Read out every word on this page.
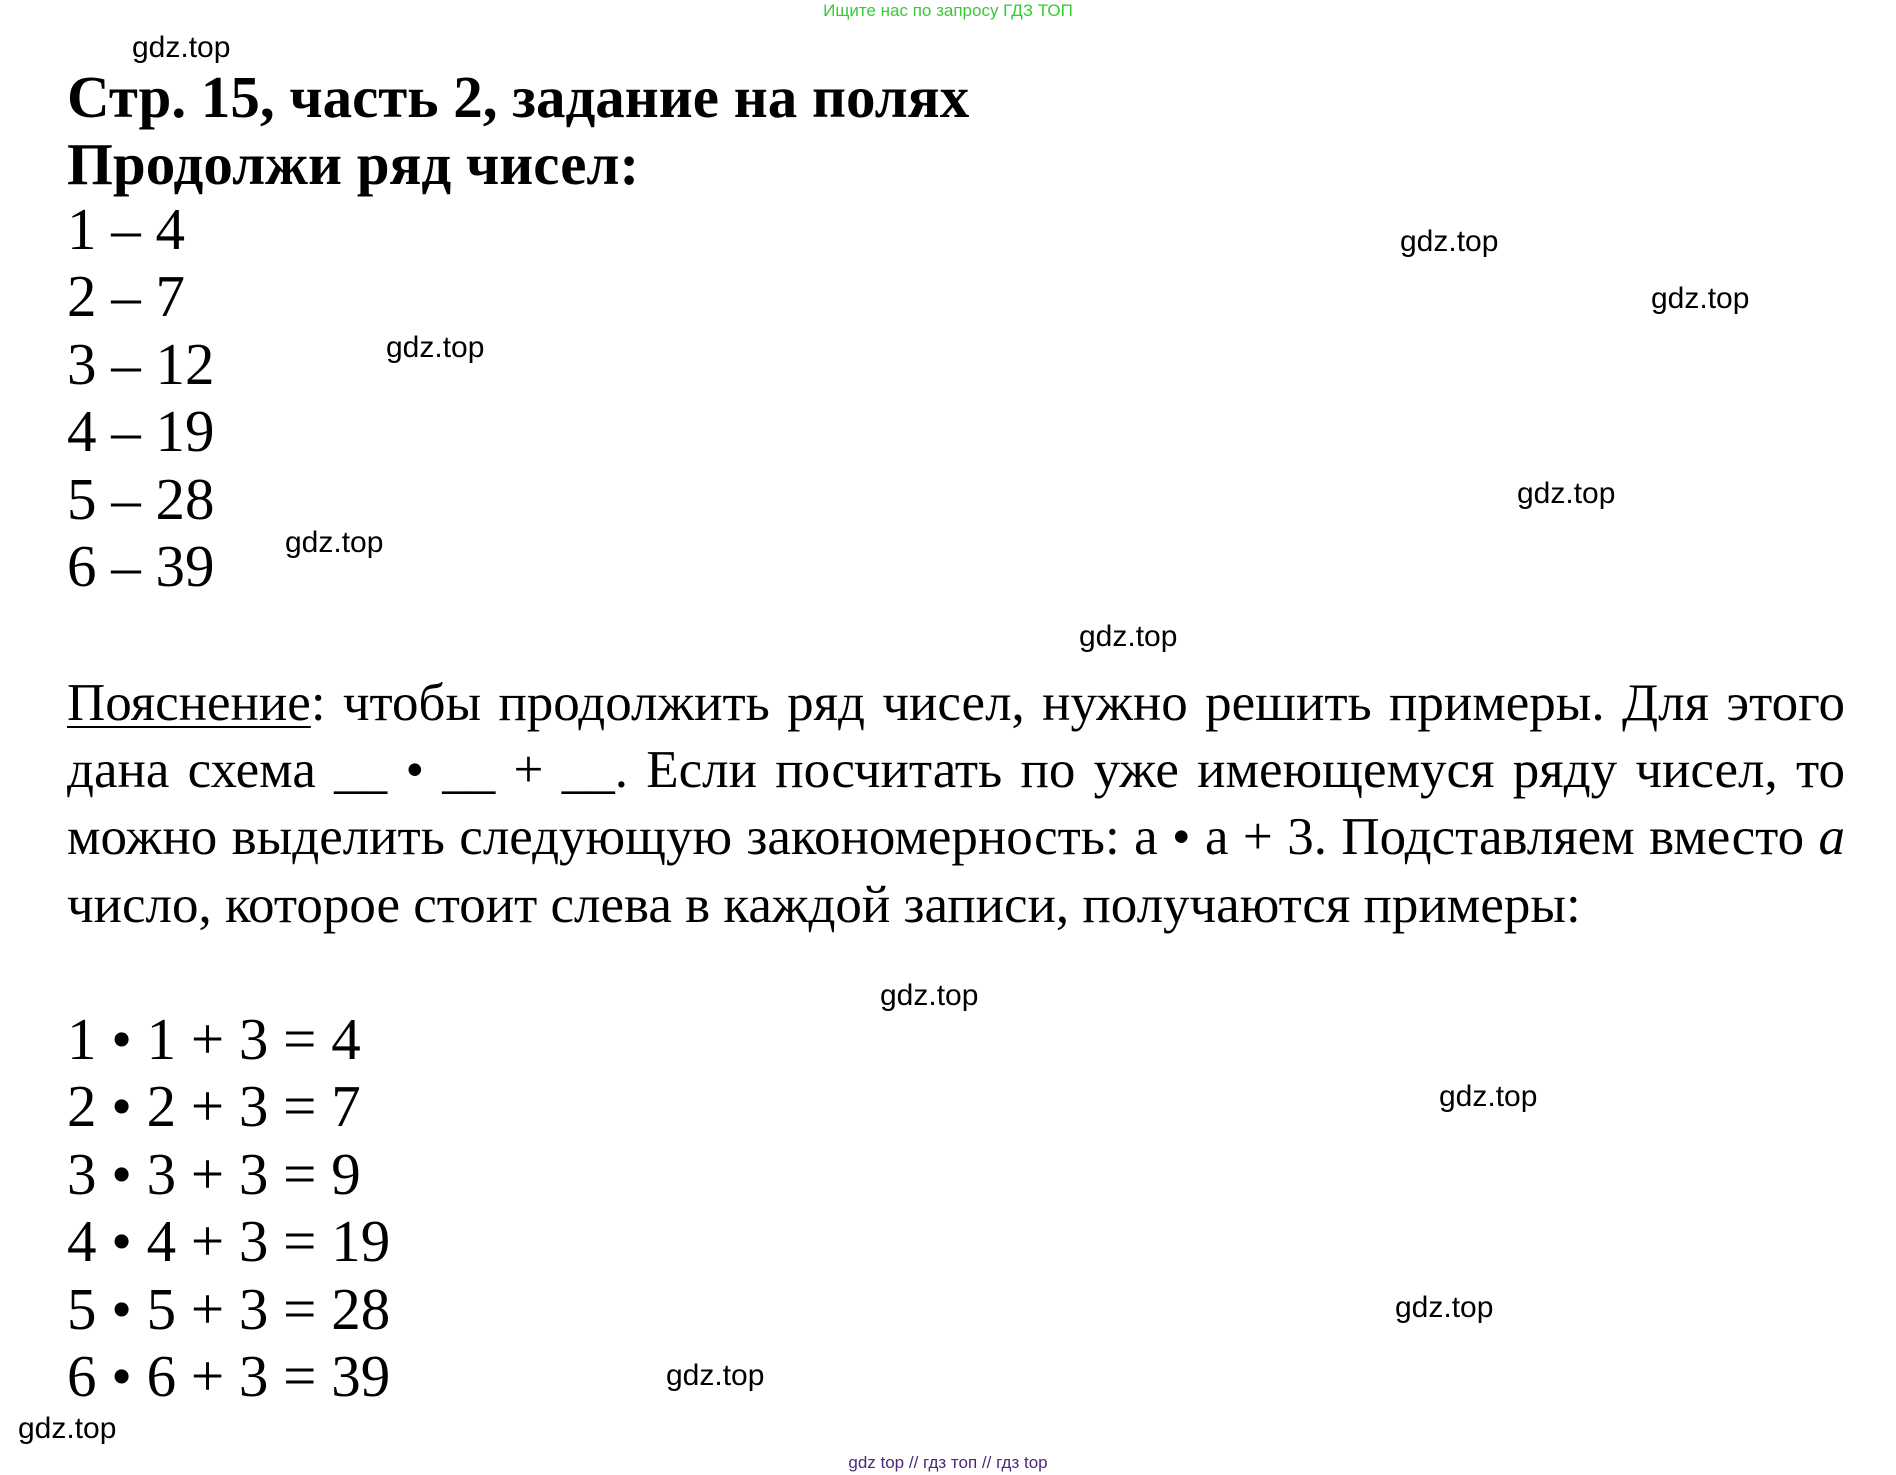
Ищите нас по запросу ГДЗ ТОП
gdz.top
Стр. 15, часть 2, задание на полях
Продолжи ряд чисел:
1 – 4
2 – 7
3 – 12
4 – 19
5 – 28
6 – 39
gdz.top
gdz.top
gdz.top
gdz.top
gdz.top
gdz.top

Пояснение: чтобы продолжить ряд чисел, нужно решить примеры. Для этого дана схема __ • __ + __. Если посчитать по уже имеющемуся ряду чисел, то можно выделить следующую закономерность: а • а + 3. Подставляем вместо а число, которое стоит слева в каждой записи, получаются примеры:

gdz.top
1 • 1 + 3 = 4
2 • 2 + 3 = 7
3 • 3 + 3 = 9
4 • 4 + 3 = 19
5 • 5 + 3 = 28
6 • 6 + 3 = 39
gdz.top
gdz.top
gdz.top
gdz.top
gdz top // гдз топ // гдз top
